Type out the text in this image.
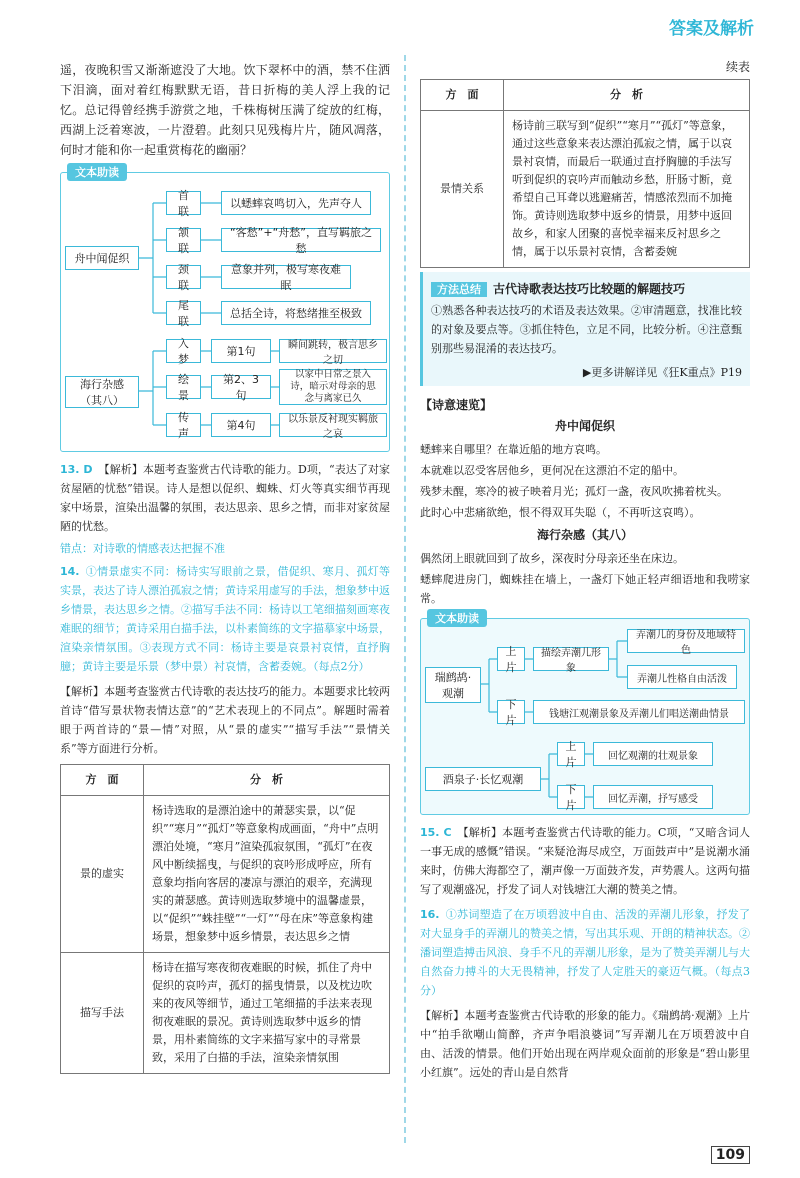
答案及解析

遥，夜晚积雪又渐渐遮没了大地。饮下翠杯中的酒，禁不住洒下泪滴，面对着红梅默默无语，昔日折梅的美人浮上我的记忆。总记得曾经携手游赏之地，千株梅树压满了绽放的红梅，西湖上泛着寒波，一片澄碧。此刻只见残梅片片，随风凋落，何时才能和你一起重赏梅花的幽丽？

文本助读
舟中闻促织
首联
以蟋蟀哀鸣切入，先声夺人
颔联
“客愁”+“舟愁”，直写羁旅之愁
颈联
意象并列，极写寒夜难眠
尾联
总括全诗，将愁绪推至极致
海行杂感（其八）
入梦
第1句	瞬间跳转，极言思乡之切
绘景
第2、3句
以家中日常之景入诗，暗示对母亲的思念与离家已久
传声
第4句	以乐景反衬现实羁旅之哀

13. D 【解析】本题考查鉴赏古代诗歌的能力。D项，“表达了对家贫屋陋的忧愁”错误。诗人是想以促织、蜘蛛、灯火等真实细节再现家中场景，渲染出温馨的氛围，表达思亲、思乡之情，而非对家贫屋陋的忧愁。

错点：对诗歌的情感表达把握不准

14. ①情景虚实不同：杨诗实写眼前之景，借促织、寒月、孤灯等实景，表达了诗人漂泊孤寂之情；黄诗采用虚写的手法，想象梦中返乡情景，表达思乡之情。②描写手法不同：杨诗以工笔细描刻画寒夜难眠的细节；黄诗采用白描手法，以朴素简练的文字描摹家中场景，渲染亲情氛围。③表现方式不同：杨诗主要是哀景衬哀情，直抒胸臆；黄诗主要是乐景（梦中景）衬哀情，含蓄委婉。（每点2分）

【解析】本题考查鉴赏古代诗歌的表达技巧的能力。本题要求比较两首诗“借写景状物表情达意”的“艺术表现上的不同点”。解题时需着眼于两首诗的“景—情”对照，从“景的虚实”“描写手法”“景情关系”等方面进行分析。

方　面	分　析
景的虚实	杨诗选取的是漂泊途中的萧瑟实景，以“促织”“寒月”“孤灯”等意象构成画面，“舟中”点明漂泊处境，“寒月”渲染孤寂氛围，“孤灯”在夜风中断续摇曳，与促织的哀吟形成呼应，所有意象均指向客居的凄凉与漂泊的艰辛，充满现实的萧瑟感。黄诗则选取梦境中的温馨虚景，以“促织”“蛛挂壁”“一灯”“母在床”等意象构建场景，想象梦中返乡情景，表达思乡之情
描写手法	杨诗在描写寒夜彻夜难眠的时候，抓住了舟中促织的哀吟声，孤灯的摇曳情景，以及枕边吹来的夜风等细节，通过工笔细描的手法来表现彻夜难眠的景况。黄诗则选取梦中返乡的情景，用朴素简练的文字来描写家中的寻常景致，采用了白描的手法，渲染亲情氛围
续表
方　面	分　析
景情关系	杨诗前三联写到“促织”“寒月”“孤灯”等意象，通过这些意象来表达漂泊孤寂之情，属于以哀景衬哀情，而最后一联通过直抒胸臆的手法写听到促织的哀吟声而触动乡愁，肝肠寸断，竟希望自己耳聋以逃避痛苦，情感浓烈而不加掩饰。黄诗则选取梦中返乡的情景，用梦中返回故乡，和家人团聚的喜悦幸福来反衬思乡之情，属于以乐景衬哀情，含蓄委婉
方法总结 古代诗歌表达技巧比较题的解题技巧

①熟悉各种表达技巧的术语及表达效果。②审清题意，找准比较的对象及要点等。③抓住特色，立足不同，比较分析。④注意甄别那些易混淆的表达技巧。

▶更多讲解详见《狂K重点》P19
【诗意速览】
舟中闻促织

蟋蟀来自哪里？在靠近船的地方哀鸣。

本就难以忍受客居他乡，更何况在这漂泊不定的船中。

残梦未醒，寒冷的被子映着月光；孤灯一盏，夜风吹拂着枕头。

此时心中悲痛欲绝，恨不得双耳失聪（，不再听这哀鸣）。

海行杂感（其八）

偶然闭上眼就回到了故乡，深夜时分母亲还坐在床边。

蟋蟀爬进房门，蜘蛛挂在墙上，一盏灯下她正轻声细语地和我唠家常。

文本助读
瑞鹧鸪·观潮
上片
描绘弄潮儿形象
弄潮儿的身份及地域特色
弄潮儿性格自由活泼
下片	钱塘江观潮景象及弄潮儿们唱送潮曲情景
酒泉子·长忆观潮
上片	回忆观潮的壮观景象
下片	回忆弄潮，抒写感受

15. C 【解析】本题考查鉴赏古代诗歌的能力。C项，“又暗含词人一事无成的感慨”错误。“来疑沧海尽成空，万面鼓声中”是说潮水涌来时，仿佛大海都空了，潮声像一万面鼓齐发，声势震人。这两句描写了观潮盛况，抒发了词人对钱塘江大潮的赞美之情。

16. ①苏词塑造了在万顷碧波中自由、活泼的弄潮儿形象，抒发了对大显身手的弄潮儿的赞美之情，写出其乐观、开朗的精神状态。②潘词塑造搏击风浪、身手不凡的弄潮儿形象，是为了赞美弄潮儿与大自然奋力搏斗的大无畏精神，抒发了人定胜天的豪迈气概。（每点3分）

【解析】本题考查鉴赏古代诗歌的形象的能力。《瑞鹧鸪·观潮》上片中“拍手欲嘲山简醉，齐声争唱浪婆词”写弄潮儿在万顷碧波中自由、活泼的情景。他们开始出现在两岸观众面前的形象是“碧山影里小红旗”。远处的青山是自然背

109
